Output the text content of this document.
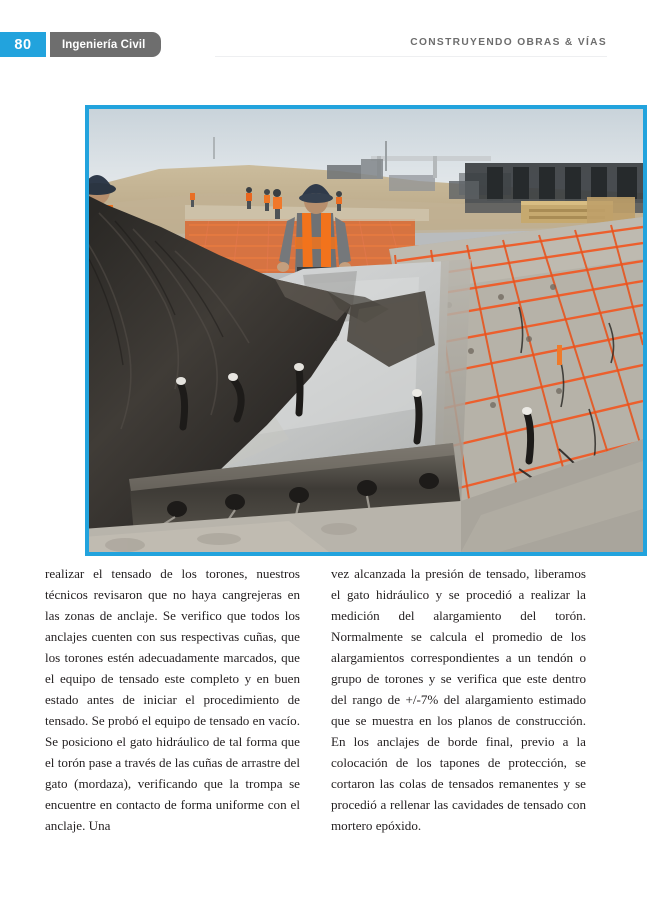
80	Ingeniería Civil	CONSTRUYENDO OBRAS & VÍAS

realizar el tensado de los torones, nuestros técnicos revisaron que no haya cangrejeras en las zonas de anclaje. Se verifico que todos los anclajes cuenten con sus respectivas cuñas, que los torones estén adecuadamente marcados, que el equipo de tensado este completo y en buen estado antes de iniciar el procedimiento de tensado. Se probó el equipo de tensado en vacío. Se posiciono el gato hidráulico de tal forma que el torón pase a través de las cuñas de arrastre del gato (mordaza), verificando que la trompa se encuentre en contacto de forma uniforme con el anclaje. Una

vez alcanzada la presión de tensado, liberamos el gato hidráulico y se procedió a realizar la medición del alargamiento del torón. Normalmente se calcula el promedio de los alargamientos correspondientes a un tendón o grupo de torones y se verifica que este dentro del rango de +/-7% del alargamiento estimado que se muestra en los planos de construcción. En los anclajes de borde final, previo a la colocación de los tapones de protección, se cortaron las colas de tensados remanentes y se procedió a rellenar las cavidades de tensado con mortero epóxido.
